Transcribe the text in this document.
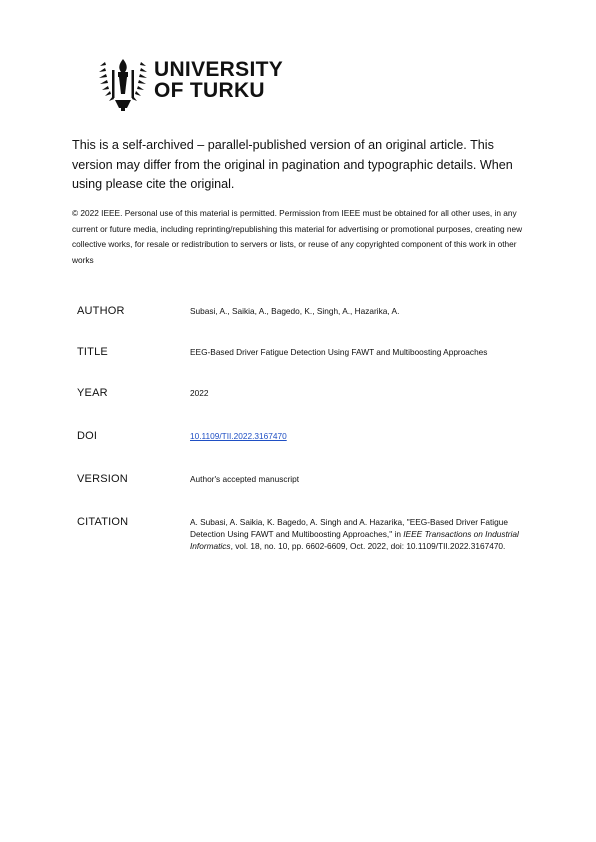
UNIVERSITY
OF TURKU
This is a self-archived – parallel-published version of an original article. This version may differ from the original in pagination and typographic details. When using please cite the original.
© 2022 IEEE. Personal use of this material is permitted. Permission from IEEE must be obtained for all other uses, in any current or future media, including reprinting/republishing this material for advertising or promotional purposes, creating new collective works, for resale or redistribution to servers or lists, or reuse of any copyrighted component of this work in other works
AUTHOR	Subasi, A., Saikia, A., Bagedo, K., Singh, A., Hazarika, A.
TITLE	EEG-Based Driver Fatigue Detection Using FAWT and Multiboosting Approaches
YEAR	2022
DOI	10.1109/TII.2022.3167470
VERSION	Author's accepted manuscript
CITATION	A. Subasi, A. Saikia, K. Bagedo, A. Singh and A. Hazarika, "EEG-Based Driver Fatigue Detection Using FAWT and Multiboosting Approaches," in IEEE Transactions on Industrial Informatics, vol. 18, no. 10, pp. 6602-6609, Oct. 2022, doi: 10.1109/TII.2022.3167470.
